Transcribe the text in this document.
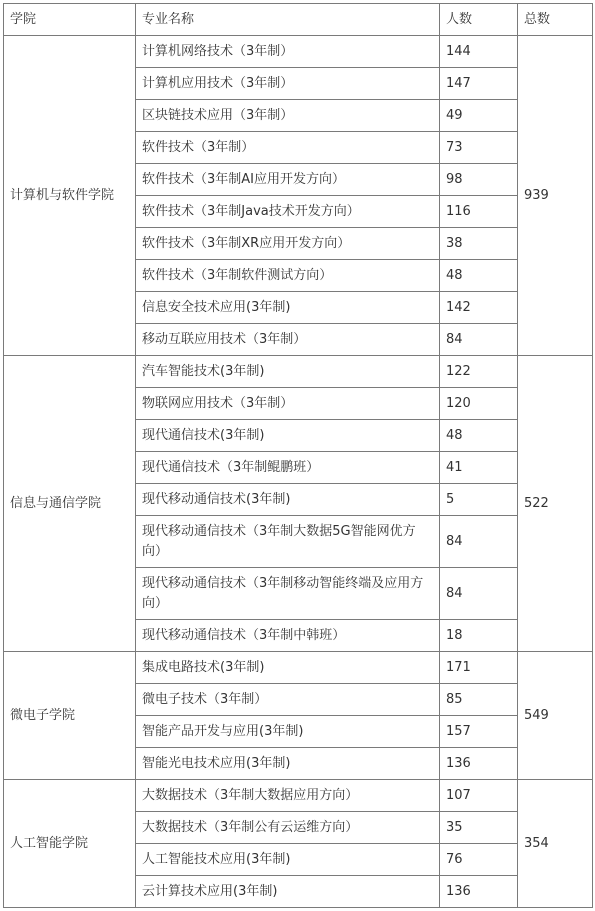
学院	专业名称	人数	总数
计算机与软件学院	计算机网络技术（3年制）	144	939
	计算机应用技术（3年制）	147	
	区块链技术应用（3年制）	49	
	软件技术（3年制）	73	
	软件技术（3年制AI应用开发方向）	98	
	软件技术（3年制Java技术开发方向）	116	
	软件技术（3年制XR应用开发方向）	38	
	软件技术（3年制软件测试方向）	48	
	信息安全技术应用(3年制)	142	
	移动互联应用技术（3年制）	84	
信息与通信学院	汽车智能技术(3年制)	122	522
	物联网应用技术（3年制）	120	
	现代通信技术(3年制)	48	
	现代通信技术（3年制鲲鹏班）	41	
	现代移动通信技术(3年制)	5	
	现代移动通信技术（3年制大数据5G智能网优方向）	84	
	现代移动通信技术（3年制移动智能终端及应用方向）	84	
	现代移动通信技术（3年制中韩班）	18	
微电子学院	集成电路技术(3年制)	171	549
	微电子技术（3年制）	85	
	智能产品开发与应用(3年制)	157	
	智能光电技术应用(3年制)	136	
人工智能学院	大数据技术（3年制大数据应用方向）	107	354
	大数据技术（3年制公有云运维方向）	35	
	人工智能技术应用(3年制)	76	
	云计算技术应用(3年制)	136	
